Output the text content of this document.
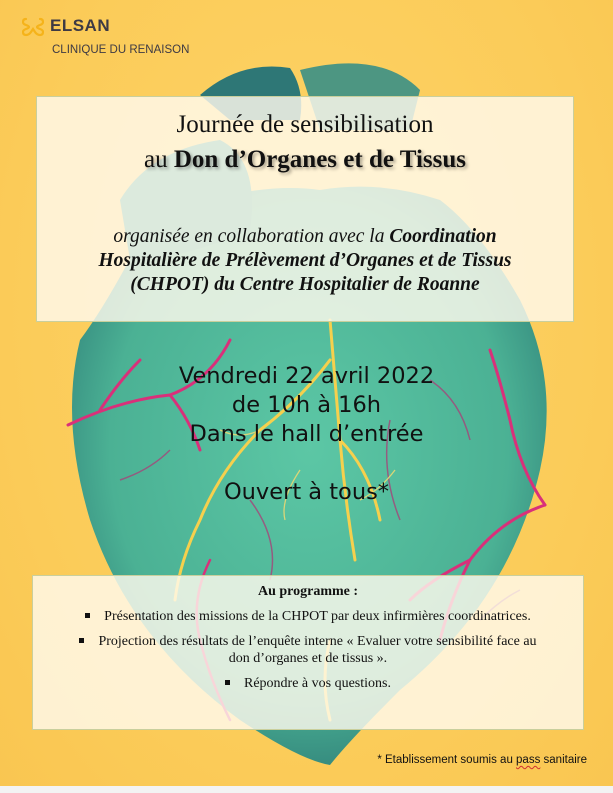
ELSAN
CLINIQUE DU RENAISON
Journée de sensibilisation
au Don d’Organes et de Tissus
organisée en collaboration avec la Coordination
Hospitalière de Prélèvement d’Organes et de Tissus
(CHPOT) du Centre Hospitalier de Roanne
Vendredi 22 avril 2022
de 10h à 16h
Dans le hall d’entrée
Ouvert à tous*
Au programme :
Présentation des missions de la CHPOT par deux infirmières coordinatrices.
Projection des résultats de l’enquête interne « Evaluer votre sensibilité face au
don d’organes et de tissus ».
Répondre à vos questions.
* Etablissement soumis au pass sanitaire
